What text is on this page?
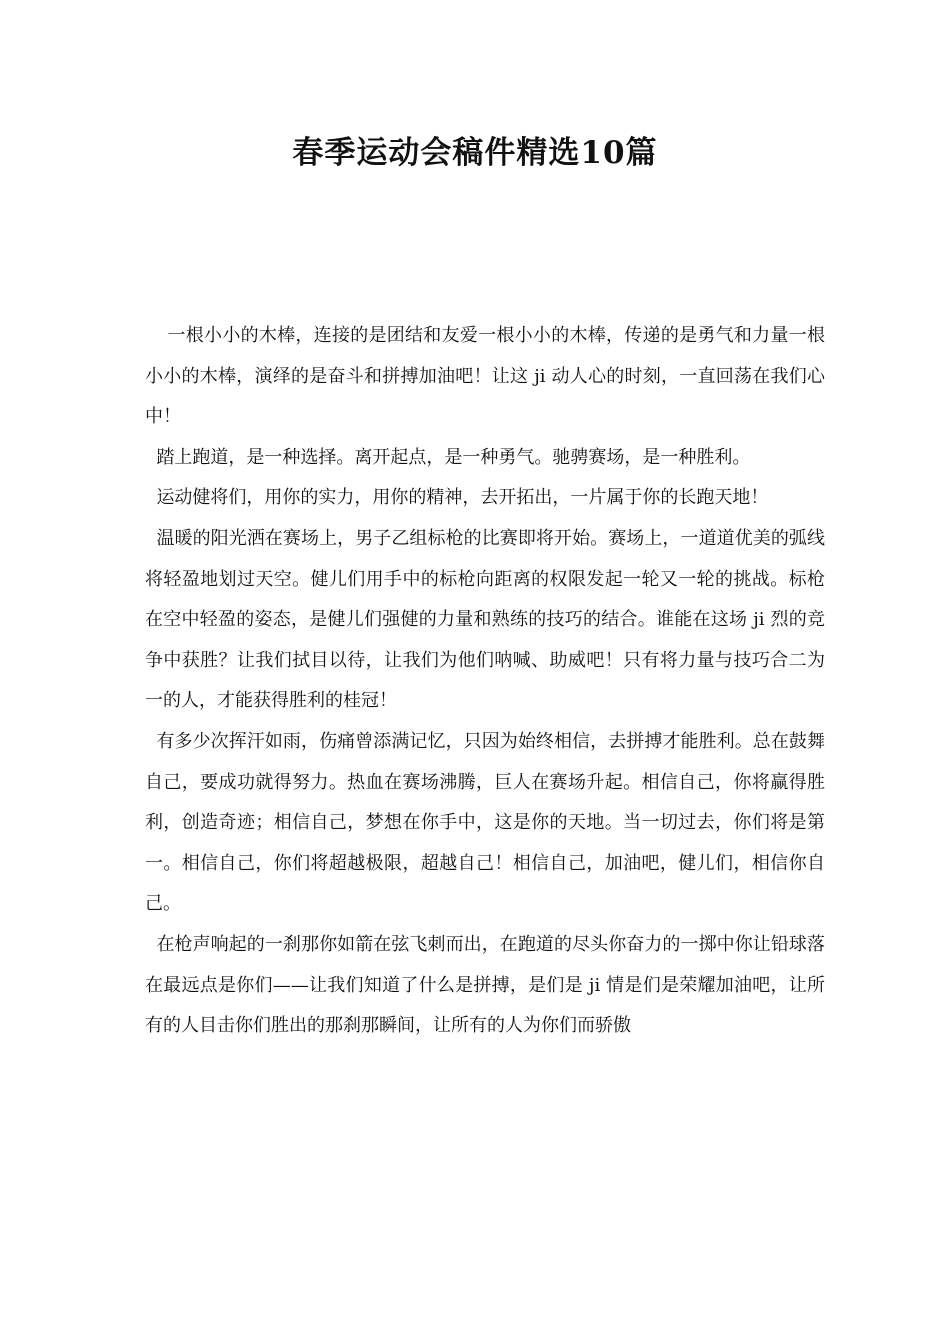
春季运动会稿件精选10篇

一根小小的木棒，连接的是团结和友爱一根小小的木棒，传递的是勇气和力量一根小小的木棒，演绎的是奋斗和拼搏加油吧！让这 ji 动人心的时刻，一直回荡在我们心中！

踏上跑道，是一种选择。离开起点，是一种勇气。驰骋赛场，是一种胜利。

运动健将们，用你的实力，用你的精神，去开拓出，一片属于你的长跑天地！

温暖的阳光洒在赛场上，男子乙组标枪的比赛即将开始。赛场上，一道道优美的弧线将轻盈地划过天空。健儿们用手中的标枪向距离的权限发起一轮又一轮的挑战。标枪在空中轻盈的姿态，是健儿们强健的力量和熟练的技巧的结合。谁能在这场 ji 烈的竞争中获胜？让我们拭目以待，让我们为他们呐喊、助威吧！只有将力量与技巧合二为一的人，才能获得胜利的桂冠！

有多少次挥汗如雨，伤痛曾添满记忆，只因为始终相信，去拼搏才能胜利。总在鼓舞自己，要成功就得努力。热血在赛场沸腾，巨人在赛场升起。相信自己，你将赢得胜利，创造奇迹；相信自己，梦想在你手中，这是你的天地。当一切过去，你们将是第一。相信自己，你们将超越极限，超越自己！相信自己，加油吧，健儿们，相信你自己。

在枪声响起的一刹那你如箭在弦飞刺而出，在跑道的尽头你奋力的一掷中你让铅球落在最远点是你们——让我们知道了什么是拼搏，是们是 ji 情是们是荣耀加油吧，让所有的人目击你们胜出的那刹那瞬间，让所有的人为你们而骄傲
